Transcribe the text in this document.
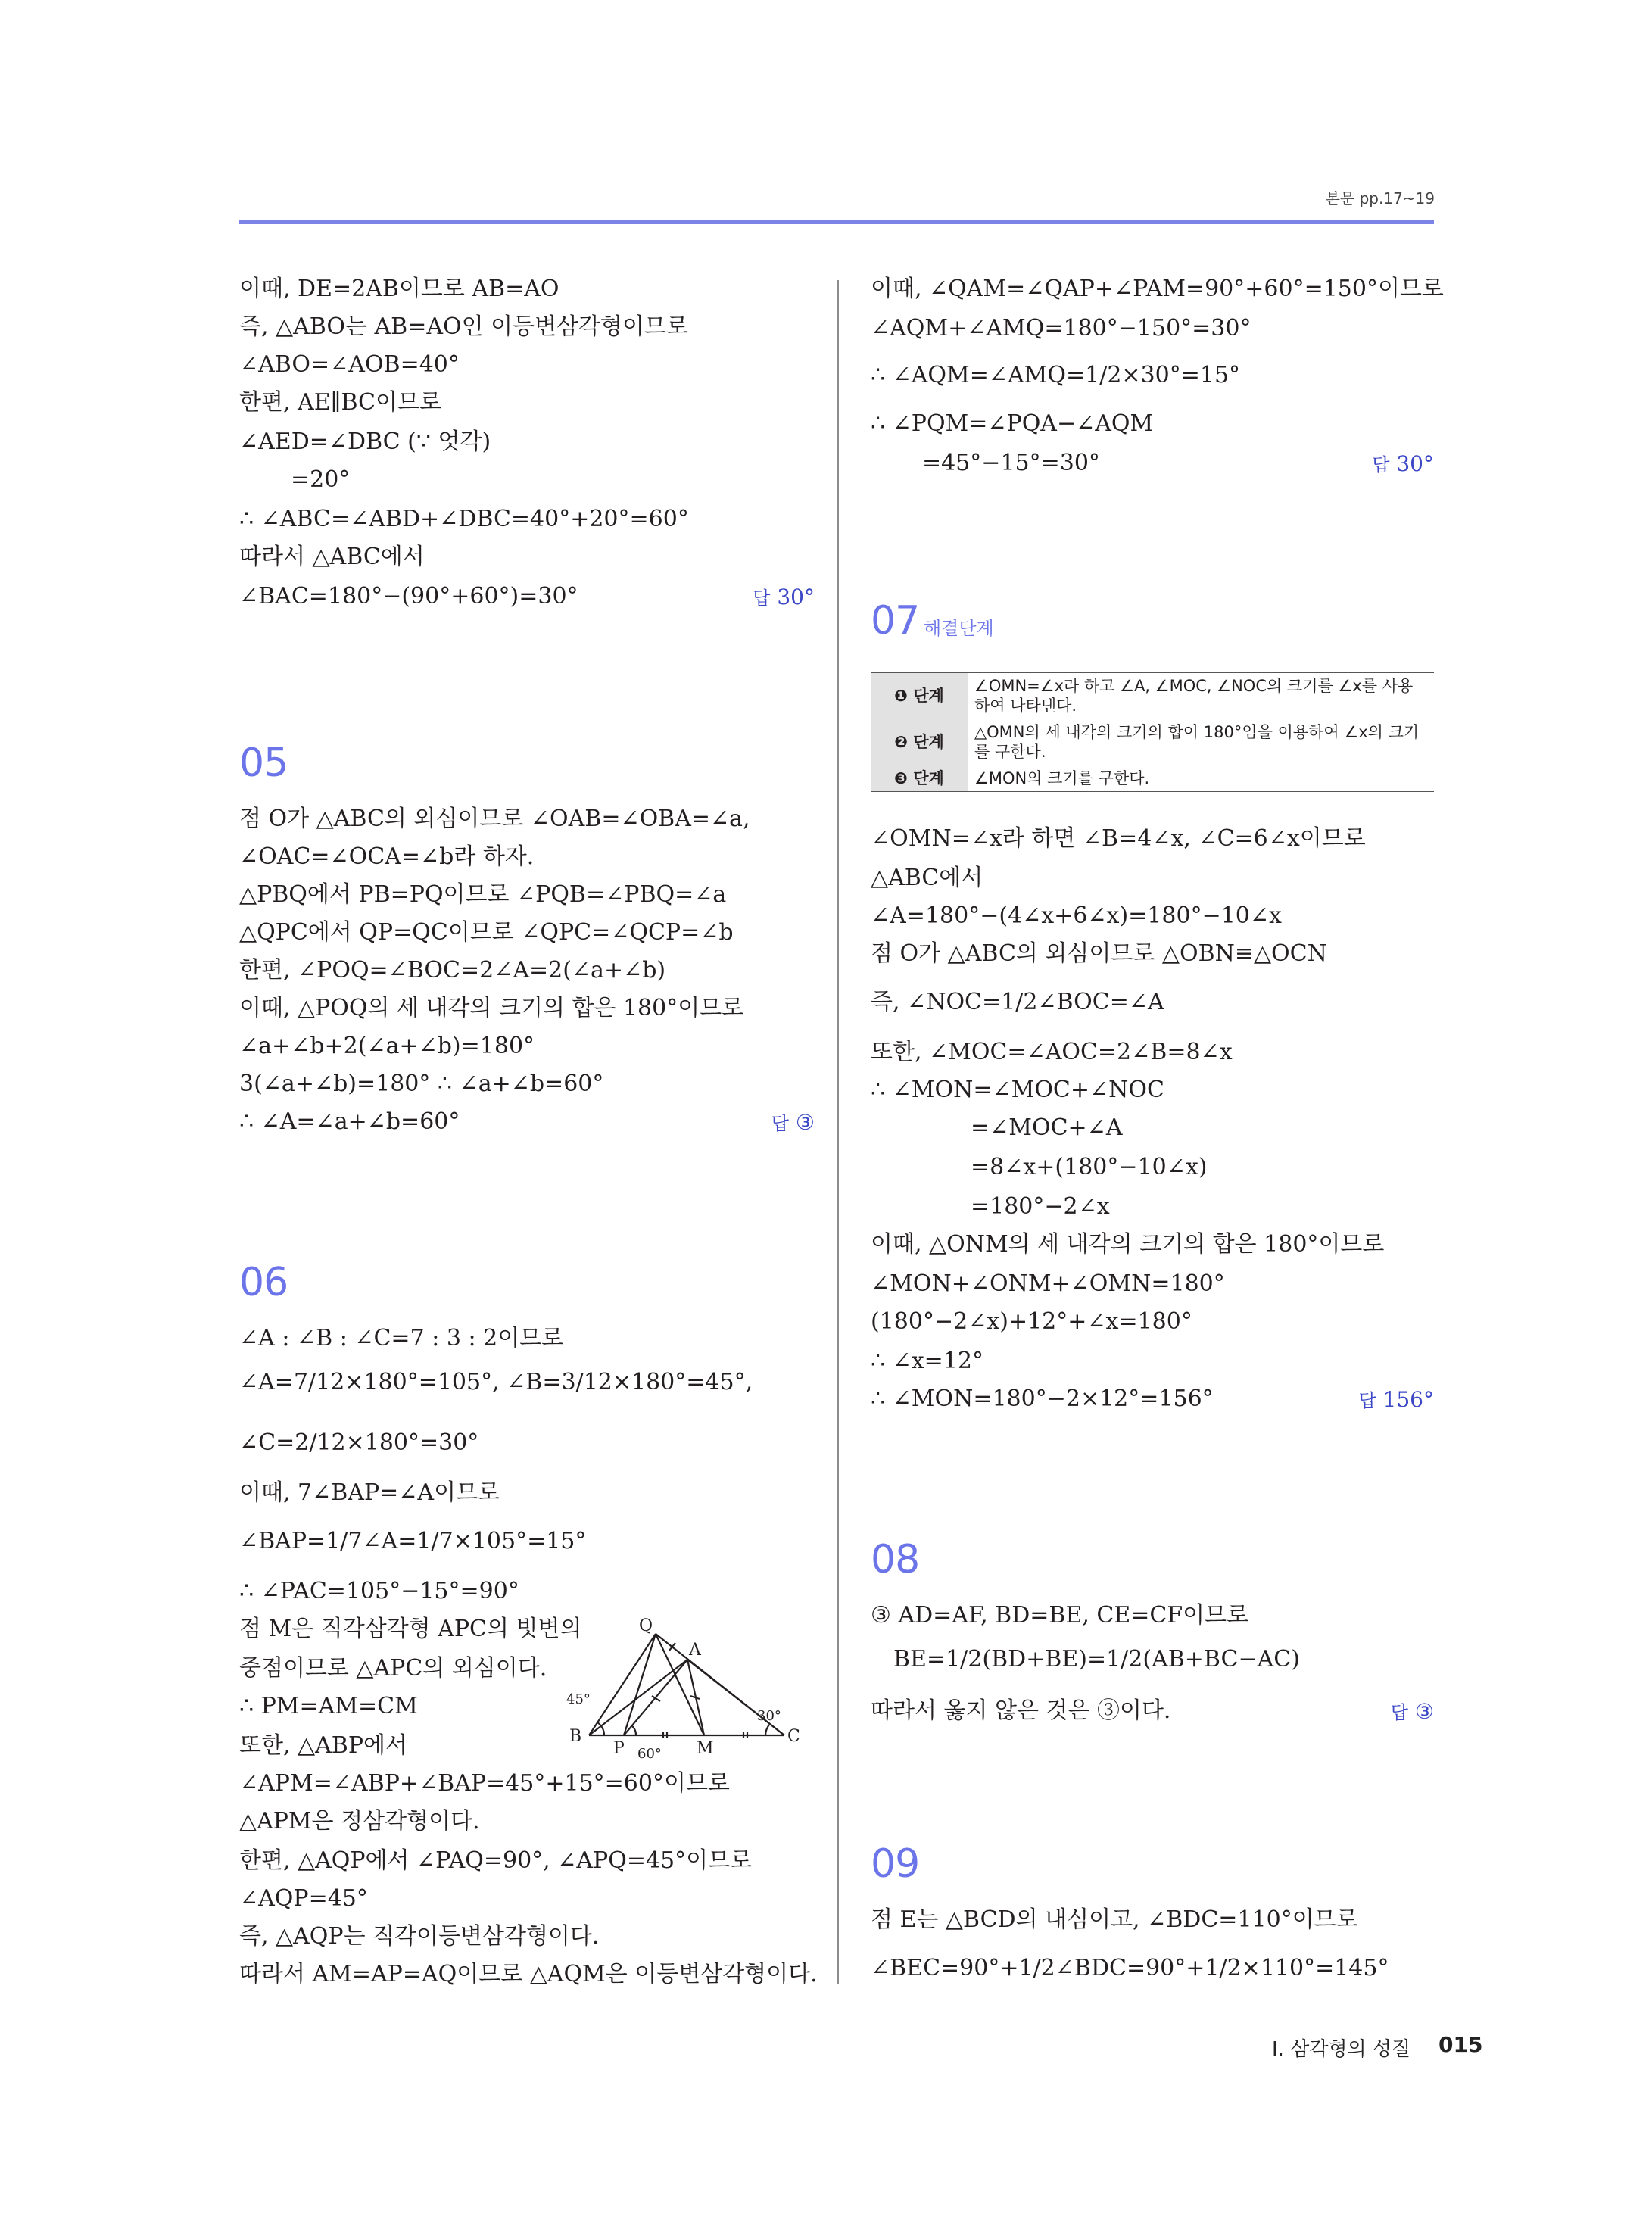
본문 pp.17~19
이때, DE=2AB이므로 AB=AO
즉, △ABO는 AB=AO인 이등변삼각형이므로
∠ABO=∠AOB=40°
한편, AE∥BC이므로
∠AED=∠DBC (∵ 엇각)
=20°
∴ ∠ABC=∠ABD+∠DBC=40°+20°=60°
따라서 △ABC에서
∠BAC=180°−(90°+60°)=30°	답 30°
05
점 O가 △ABC의 외심이므로 ∠OAB=∠OBA=∠a,
∠OAC=∠OCA=∠b라 하자.
△PBQ에서 PB=PQ이므로 ∠PQB=∠PBQ=∠a
△QPC에서 QP=QC이므로 ∠QPC=∠QCP=∠b
한편, ∠POQ=∠BOC=2∠A=2(∠a+∠b)
이때, △POQ의 세 내각의 크기의 합은 180°이므로
∠a+∠b+2(∠a+∠b)=180°
3(∠a+∠b)=180° ∴ ∠a+∠b=60°
∴ ∠A=∠a+∠b=60°	답 ③
06
∠A : ∠B : ∠C=7 : 3 : 2이므로
∠A=7/12×180°=105°, ∠B=3/12×180°=45°,
∠C=2/12×180°=30°
이때, 7∠BAP=∠A이므로
∠BAP=1/7∠A=1/7×105°=15°
∴ ∠PAC=105°−15°=90°
점 M은 직각삼각형 APC의 빗변의
중점이므로 △APC의 외심이다.
∴ PM=AM=CM
또한, △ABP에서
∠APM=∠ABP+∠BAP=45°+15°=60°이므로
△APM은 정삼각형이다.
한편, △AQP에서 ∠PAQ=90°, ∠APQ=45°이므로
∠AQP=45°
즉, △AQP는 직각이등변삼각형이다.
따라서 AM=AP=AQ이므로 △AQM은 이등변삼각형이다.
Q
A
B
P	M
C
45°
60°
30°
이때, ∠QAM=∠QAP+∠PAM=90°+60°=150°이므로
∠AQM+∠AMQ=180°−150°=30°
∴ ∠AQM=∠AMQ=1/2×30°=15°
∴ ∠PQM=∠PQA−∠AQM
=45°−15°=30°	답 30°
07 해결단계
❶ 단계	∠OMN=∠x라 하고 ∠A, ∠MOC, ∠NOC의 크기를 ∠x를 사용하여 나타낸다.
❷ 단계	△OMN의 세 내각의 크기의 합이 180°임을 이용하여 ∠x의 크기를 구한다.
❸ 단계	∠MON의 크기를 구한다.
∠OMN=∠x라 하면 ∠B=4∠x, ∠C=6∠x이므로
△ABC에서
∠A=180°−(4∠x+6∠x)=180°−10∠x
점 O가 △ABC의 외심이므로 △OBN≡△OCN
즉, ∠NOC=1/2∠BOC=∠A
또한, ∠MOC=∠AOC=2∠B=8∠x
∴ ∠MON=∠MOC+∠NOC
=∠MOC+∠A
=8∠x+(180°−10∠x)
=180°−2∠x
이때, △ONM의 세 내각의 크기의 합은 180°이므로
∠MON+∠ONM+∠OMN=180°
(180°−2∠x)+12°+∠x=180°
∴ ∠x=12°
∴ ∠MON=180°−2×12°=156°	답 156°
08
③ AD=AF, BD=BE, CE=CF이므로
BE=1/2(BD+BE)=1/2(AB+BC−AC)
따라서 옳지 않은 것은 ③이다.	답 ③
09
점 E는 △BCD의 내심이고, ∠BDC=110°이므로
∠BEC=90°+1/2∠BDC=90°+1/2×110°=145°
Ⅰ. 삼각형의 성질 015
